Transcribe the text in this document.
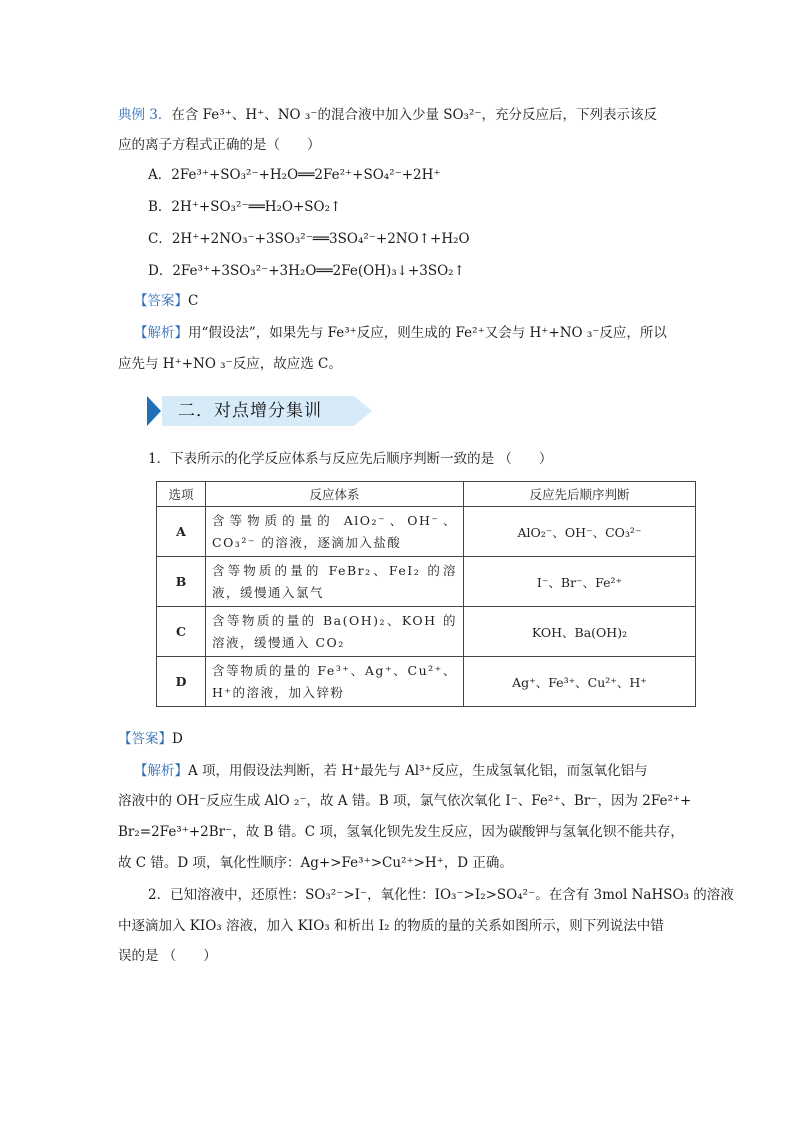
典例 3．在含 Fe³⁺、H⁺、NO ₃⁻的混合液中加入少量 SO₃²⁻，充分反应后，下列表示该反
应的离子方程式正确的是（　　）
A．2Fe³⁺+SO₃²⁻+H₂O══2Fe²⁺+SO₄²⁻+2H⁺
B．2H⁺+SO₃²⁻══H₂O+SO₂↑
C．2H⁺+2NO₃⁻+3SO₃²⁻══3SO₄²⁻+2NO↑+H₂O
D．2Fe³⁺+3SO₃²⁻+3H₂O══2Fe(OH)₃↓+3SO₂↑
【答案】C
【解析】用“假设法”，如果先与 Fe³⁺反应，则生成的 Fe²⁺又会与 H⁺+NO ₃⁻反应，所以
应先与 H⁺+NO ₃⁻反应，故应选 C。
二．对点增分集训
1．下表所示的化学反应体系与反应先后顺序判断一致的是 （　　）
选项	反应体系	反应先后顺序判断
A	含等物质的量的 AlO₂⁻、OH⁻、CO₃²⁻ 的溶液，逐滴加入盐酸	AlO₂⁻、OH⁻、CO₃²⁻
B	含等物质的量的 FeBr₂、FeI₂ 的溶液，缓慢通入氯气	I⁻、Br⁻、Fe²⁺
C	含等物质的量的 Ba(OH)₂、KOH 的溶液，缓慢通入 CO₂	KOH、Ba(OH)₂
D	含等物质的量的 Fe³⁺、Ag⁺、Cu²⁺、H⁺的溶液，加入锌粉	Ag⁺、Fe³⁺、Cu²⁺、H⁺
【答案】D
【解析】A 项，用假设法判断，若 H⁺最先与 Al³⁺反应，生成氢氧化铝，而氢氧化铝与
溶液中的 OH⁻反应生成 AlO ₂⁻，故 A 错。B 项，氯气依次氧化 I⁻、Fe²⁺、Br⁻，因为 2Fe²⁺+
Br₂=2Fe³⁺+2Br⁻，故 B 错。C 项，氢氧化钡先发生反应，因为碳酸钾与氢氧化钡不能共存，
故 C 错。D 项，氧化性顺序：Ag+>Fe³⁺>Cu²⁺>H⁺，D 正确。
2．已知溶液中，还原性：SO₃²⁻>I⁻，氧化性：IO₃⁻>I₂>SO₄²⁻。在含有 3mol NaHSO₃ 的溶液
中逐滴加入 KIO₃ 溶液，加入 KIO₃ 和析出 I₂ 的物质的量的关系如图所示，则下列说法中错
误的是 （　　）
